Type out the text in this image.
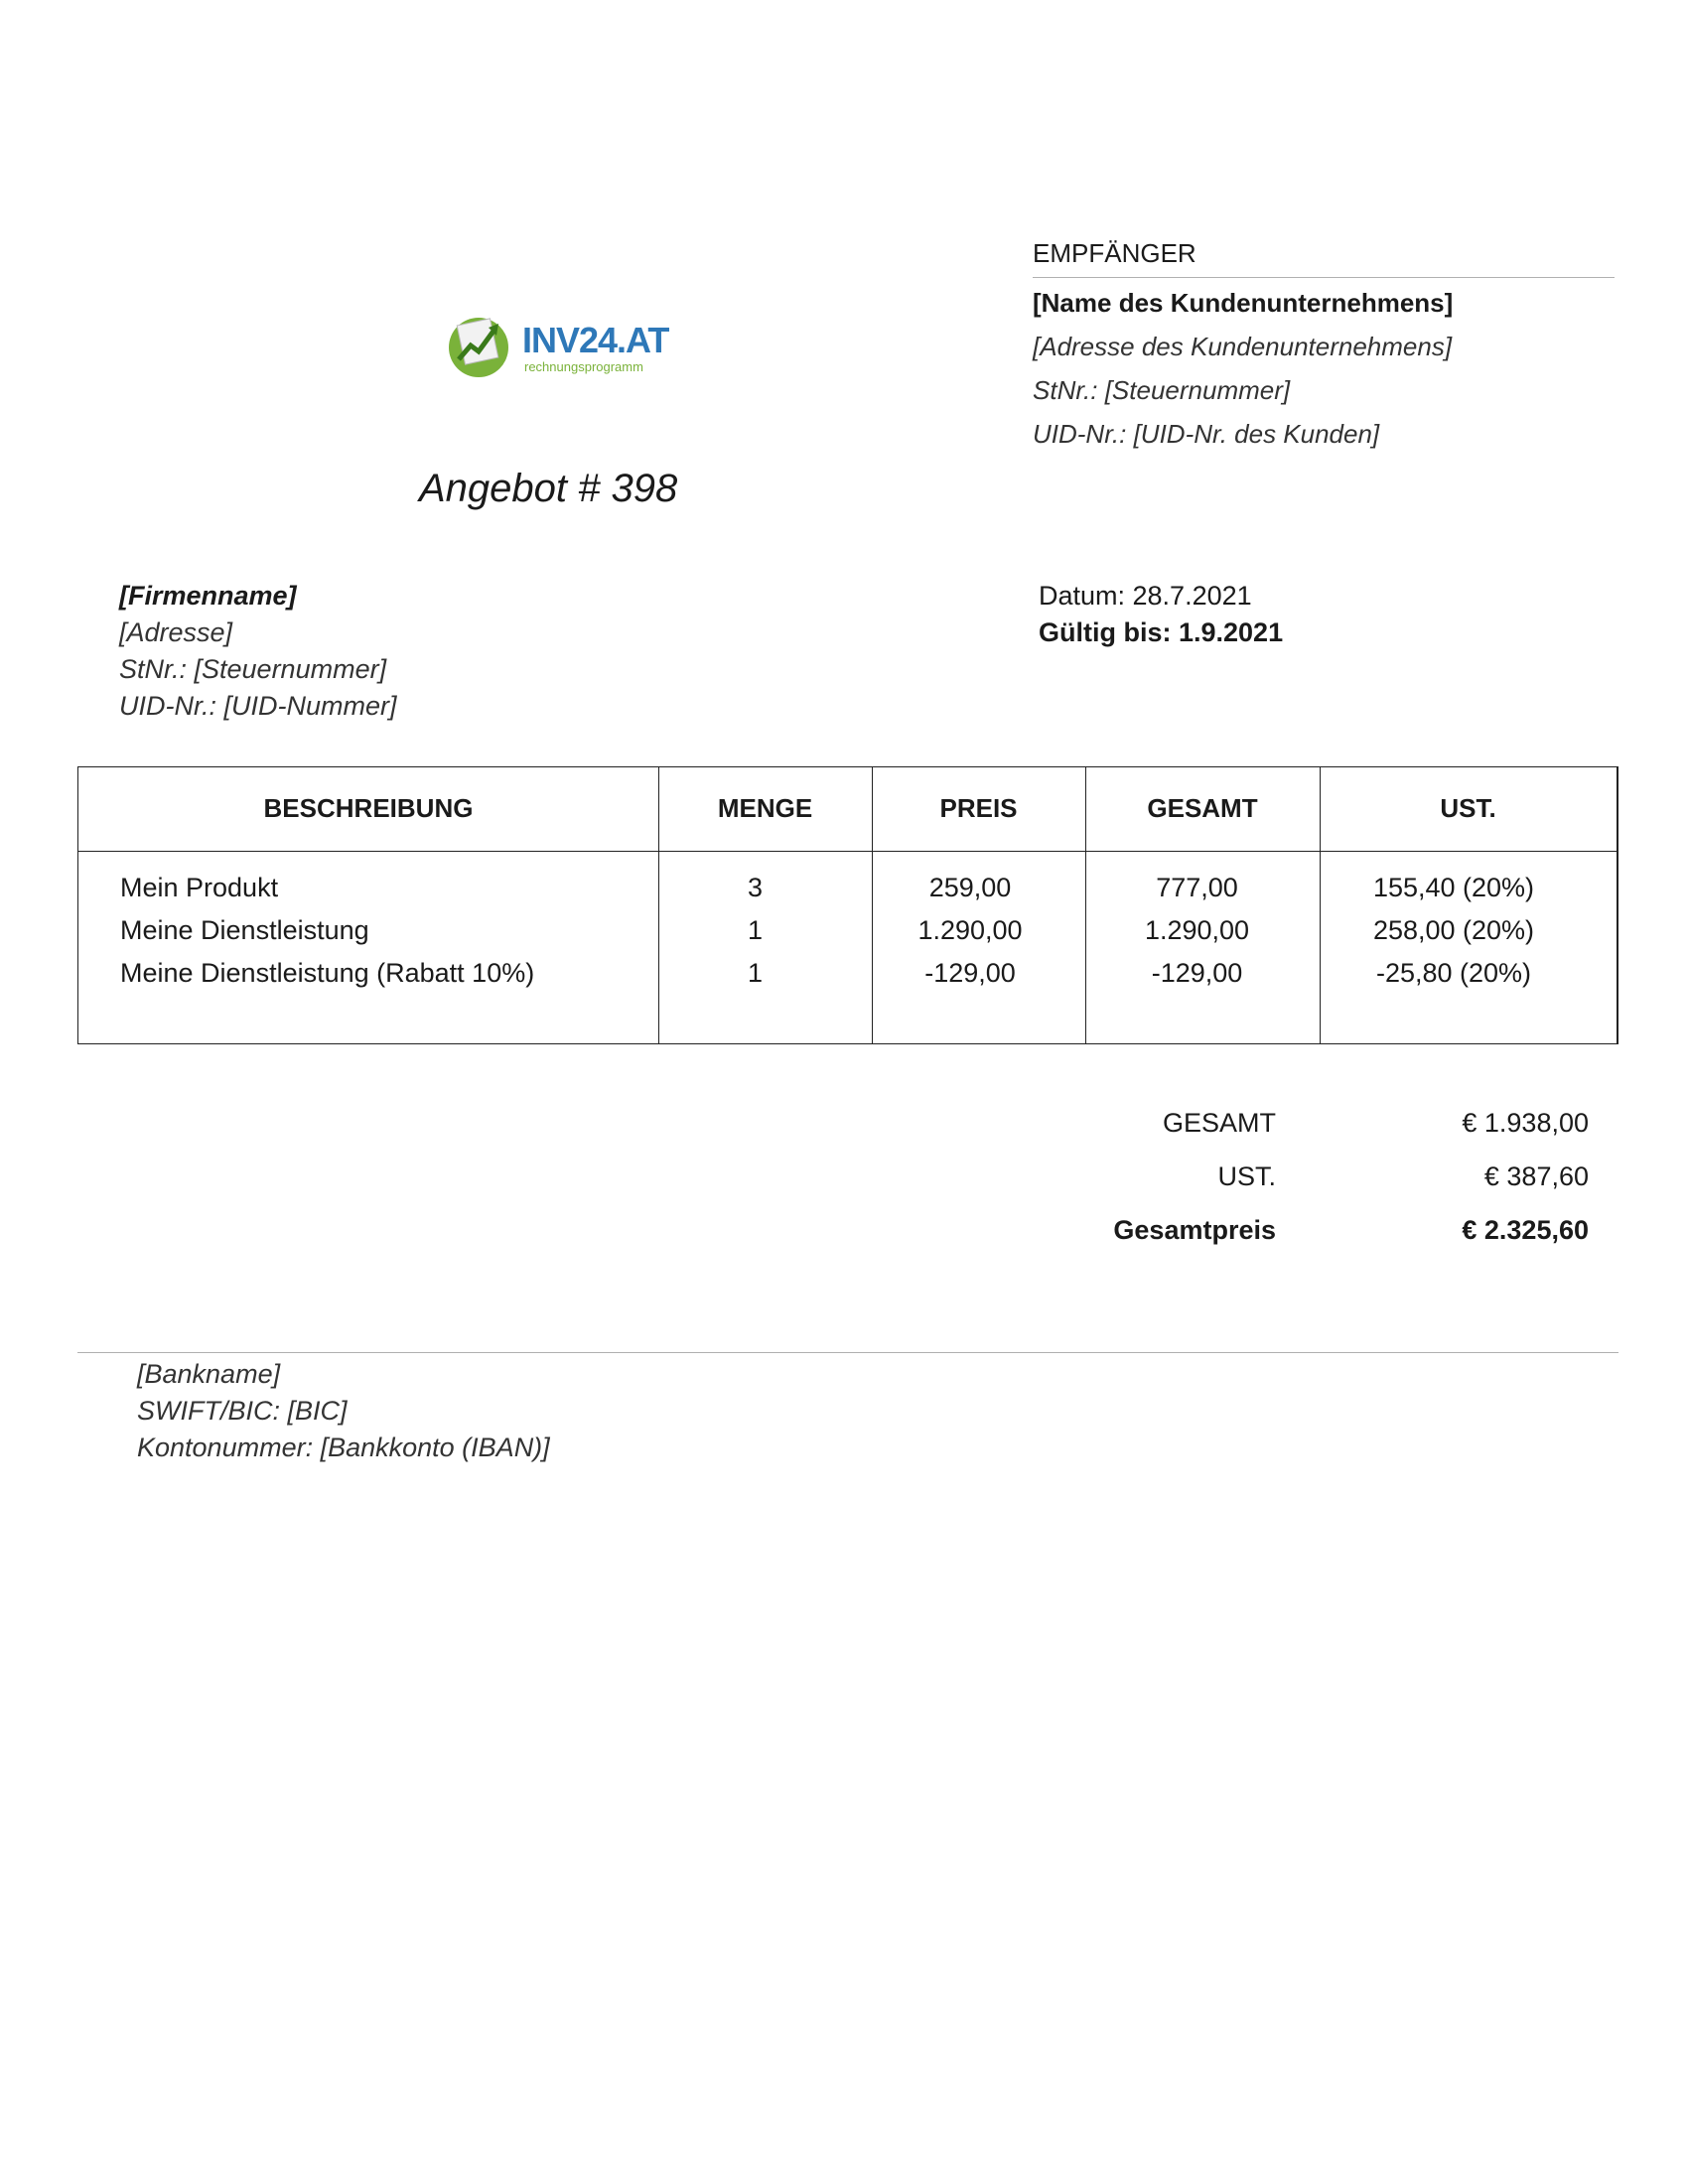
EMPFÄNGER
[Name des Kundenunternehmens]
[Adresse des Kundenunternehmens]
StNr.: [Steuernummer]
UID-Nr.: [UID-Nr. des Kunden]
INV24.AT
rechnungsprogramm
Angebot # 398
[Firmenname]
[Adresse]
StNr.: [Steuernummer]
UID-Nr.: [UID-Nummer]
Datum: 28.7.2021
Gültig bis: 1.9.2021
BESCHREIBUNG	MENGE	PREIS	GESAMT	UST.
Mein Produkt	3	259,00	777,00	155,40 (20%)
Meine Dienstleistung	1	1.290,00	1.290,00	258,00 (20%)
Meine Dienstleistung (Rabatt 10%)	1	-129,00	-129,00	-25,80 (20%)
GESAMT	€ 1.938,00
UST.	€ 387,60
Gesamtpreis	€ 2.325,60
[Bankname]
SWIFT/BIC: [BIC]
Kontonummer: [Bankkonto (IBAN)]
